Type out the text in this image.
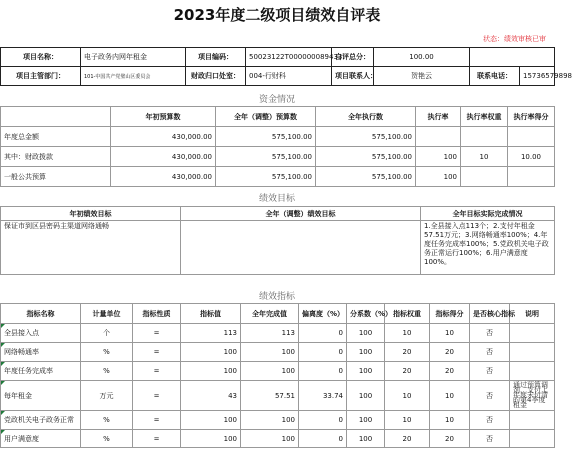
2023年度二级项目绩效自评表
状态：绩效审核已审
项目名称：	电子政务内网年租金	项目编码：	50023122T000000089433	自评总分：	100.00		
项目主管部门：	101-中国共产党璧山区委员会	财政归口处室：	004-行财科	项目联系人：	贺艳云	联系电话：	15736579898
资金情况
	年初预算数	全年（调整）预算数	全年执行数	执行率	执行率权重	执行率得分
年度总金额	430,000.00	575,100.00	575,100.00			
其中：财政拨款	430,000.00	575,100.00	575,100.00	100	10	10.00
一般公共预算	430,000.00	575,100.00	575,100.00	100		
绩效目标
年初绩效目标	全年（调整）绩效目标	全年目标实际完成情况
保证市到区县密码主渠道网络通畅		1.全县接入点113个；2.支付年租金57.51万元；3.网络畅通率100%；4.年度任务完成率100%；5.党政机关电子政务正常运行100%；6.用户满意度100%。
绩效指标
指标名称	计量单位	指标性质	指标值	全年完成值	偏离度（%）	分系数（%）	指标权重	指标得分	是否核心指标	说明
全县接入点	个	=	113	113	0	100	10	10	否	
网络畅通率	%	=	100	100	0	100	20	20	否	
年度任务完成率	%	=	100	100	0	100	20	20	否	
每年租金	万元	=	43	57.51	33.74	100	10	10	否	通过预算调剂，支付上年度未付清的第4季度租金
党政机关电子政务正常	%	=	100	100	0	100	10	10	否	
用户满意度	%	=	100	100	0	100	20	20	否	
